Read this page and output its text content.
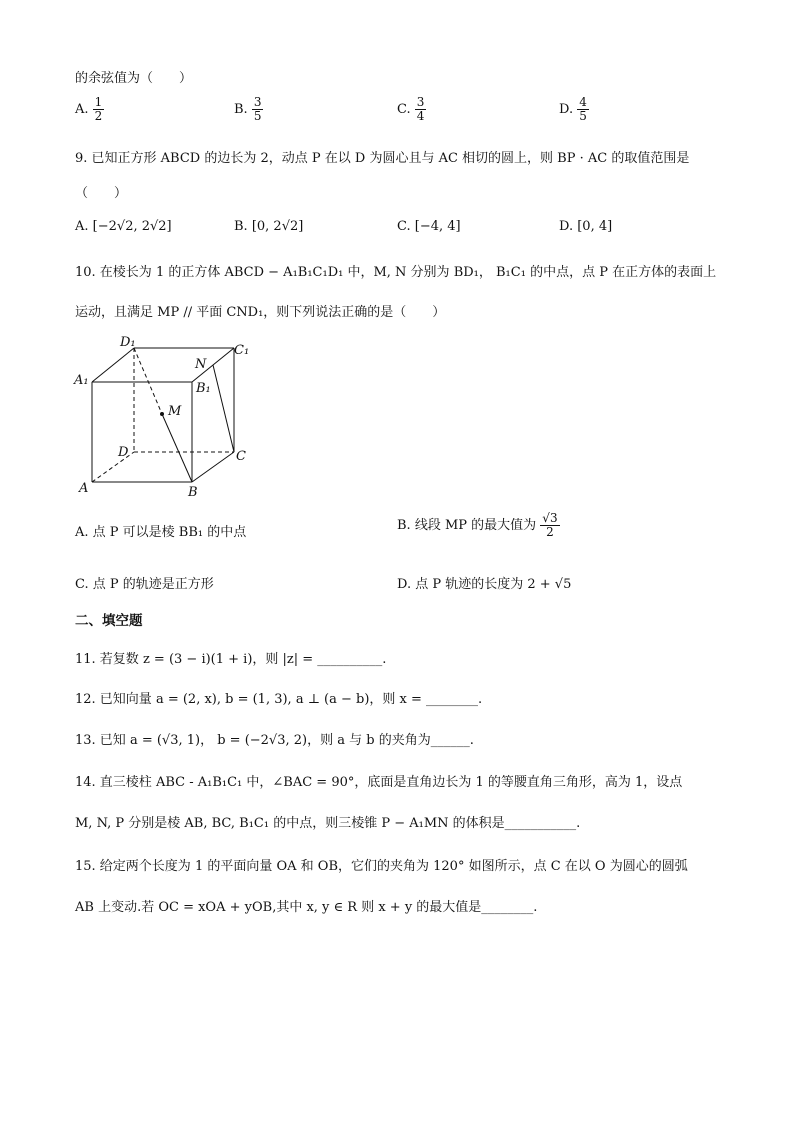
的余弦值为（　　）
A. $\frac{1}{2}$	B. $\frac{3}{5}$	C. $\frac{3}{4}$	D. $\frac{4}{5}$
9. 已知正方形 ABCD 的边长为 2，动点 P 在以 D 为圆心且与 AC 相切的圆上，则 BP · AC 的取值范围是
（　　）
A. [−2√2, 2√2]	B. [0, 2√2]	C. [−4, 4]	D. [0, 4]
10. 在棱长为 1 的正方体 ABCD − A₁B₁C₁D₁ 中，M, N 分别为 BD₁， B₁C₁ 的中点，点 P 在正方体的表面上
运动，且满足 MP // 平面 CND₁，则下列说法正确的是（　　）
D₁
C₁
A₁
B₁
N
M
D	C
A	B
A. 点 P 可以是棱 BB₁ 的中点	B. 线段 MP 的最大值为 $\frac{√3}{2}$
C. 点 P 的轨迹是正方形	D. 点 P 轨迹的长度为 2 + √5
二、填空题
11. 若复数 z = (3 − i)(1 + i)，则 |z| = __________.
12. 已知向量 a = (2, x), b = (1, 3), a ⊥ (a − b)，则 x = ________.
13. 已知 a = (√3, 1)， b = (−2√3, 2)，则 a 与 b 的夹角为______.
14. 直三棱柱 ABC - A₁B₁C₁ 中，∠BAC = 90°，底面是直角边长为 1 的等腰直角三角形，高为 1，设点
M, N, P 分别是棱 AB, BC, B₁C₁ 的中点，则三棱锥 P − A₁MN 的体积是___________.
15. 给定两个长度为 1 的平面向量 OA 和 OB，它们的夹角为 120° 如图所示，点 C 在以 O 为圆心的圆弧
AB 上变动.若 OC = xOA + yOB,其中 x, y ∈ R 则 x + y 的最大值是________.
